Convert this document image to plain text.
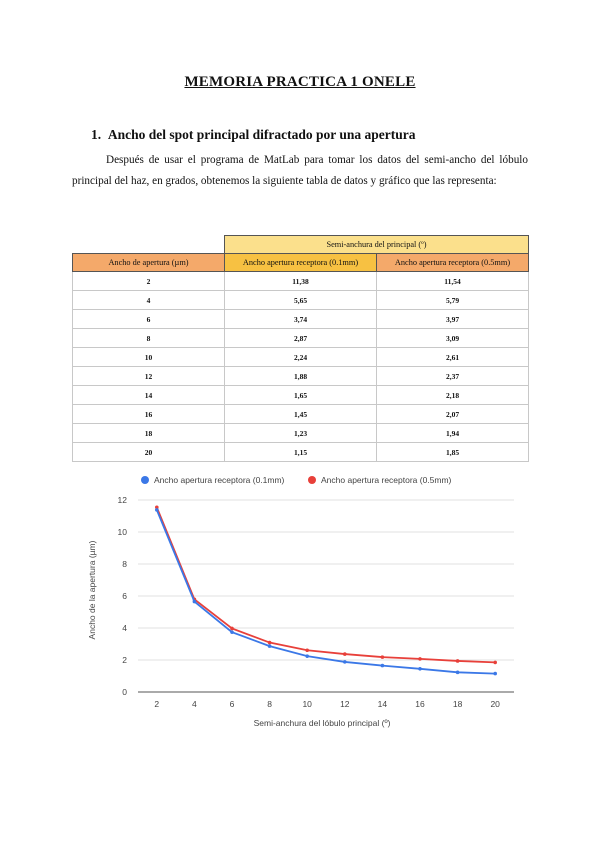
MEMORIA PRACTICA 1 ONELE
1. Ancho del spot principal difractado por una apertura
Después de usar el programa de MatLab para tomar los datos del semi-ancho del lóbulo principal del haz, en grados, obtenemos la siguiente tabla de datos y gráfico que las representa:
	Semi-anchura del principal (º)	
Ancho de apertura (µm)	Ancho apertura receptora (0.1mm)	Ancho apertura receptora (0.5mm)
2	11,38	11,54
4	5,65	5,79
6	3,74	3,97
8	2,87	3,09
10	2,24	2,61
12	1,88	2,37
14	1,65	2,18
16	1,45	2,07
18	1,23	1,94
20	1,15	1,85
Ancho apertura receptora (0.1mm)	Ancho apertura receptora (0.5mm)
0
2
4
6
8
10
12
2	4	6	8	10	12	14	16	18	20
Ancho de la apertura (µm)
Semi-anchura del lóbulo principal (º)
